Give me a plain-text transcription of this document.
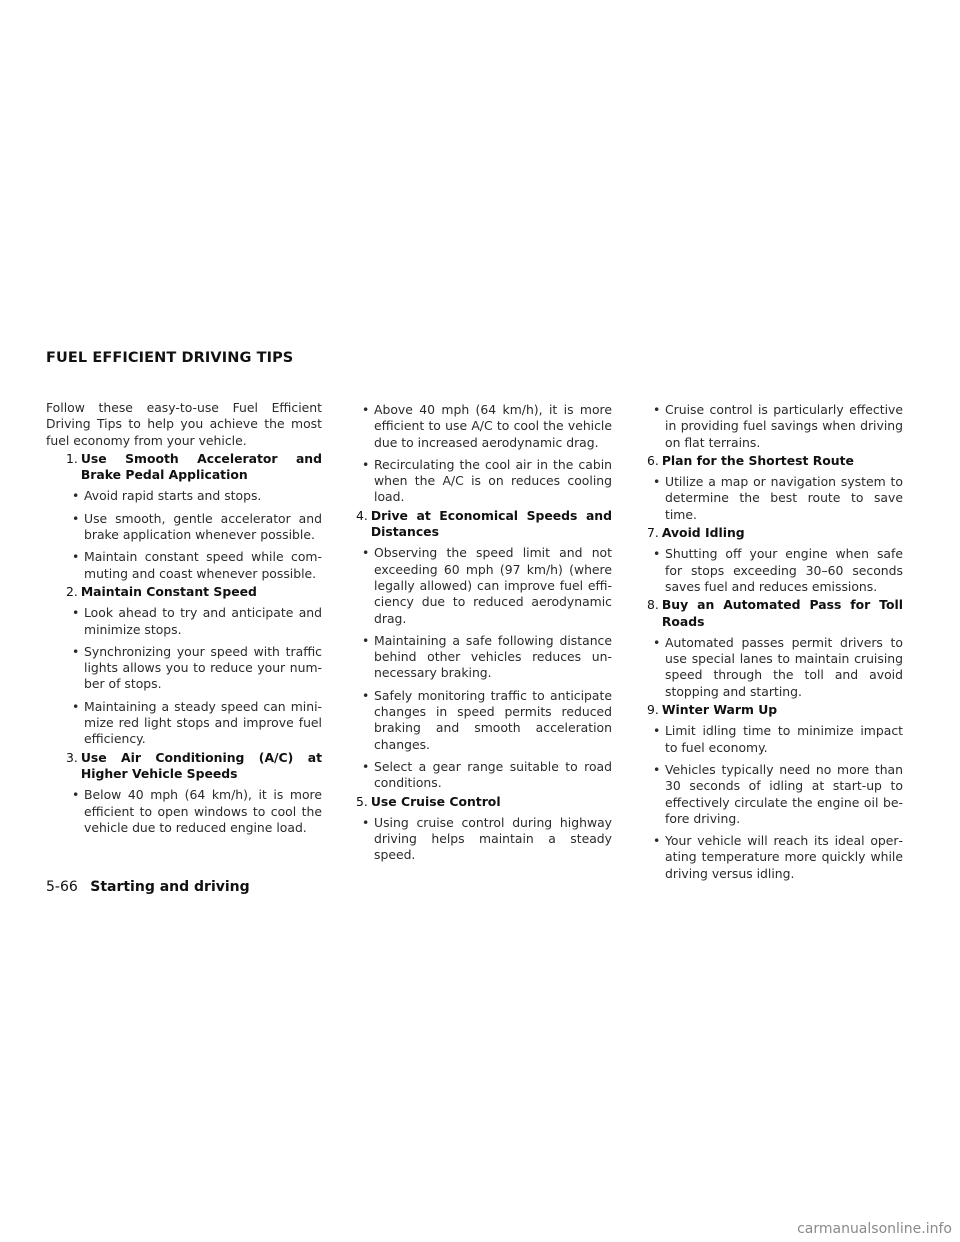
FUEL EFFICIENT DRIVING TIPS

Follow these easy-to-use Fuel Efficient Driving Tips to help you achieve the most fuel economy from your vehicle.

1. Use Smooth Accelerator and Brake Pedal Application
• Avoid rapid starts and stops.
• Use smooth, gentle accelerator and brake application whenever possible.
• Maintain constant speed while commuting and coast whenever possible.
2. Maintain Constant Speed
• Look ahead to try and anticipate and minimize stops.
• Synchronizing your speed with traffic lights allows you to reduce your number of stops.
• Maintaining a steady speed can minimize red light stops and improve fuel efficiency.
3. Use Air Conditioning (A/C) at Higher Vehicle Speeds
• Below 40 mph (64 km/h), it is more efficient to open windows to cool the vehicle due to reduced engine load.
• Above 40 mph (64 km/h), it is more efficient to use A/C to cool the vehicle due to increased aerodynamic drag.
• Recirculating the cool air in the cabin when the A/C is on reduces cooling load.
4. Drive at Economical Speeds and Distances
• Observing the speed limit and not exceeding 60 mph (97 km/h) (where legally allowed) can improve fuel efficiency due to reduced aerodynamic drag.
• Maintaining a safe following distance behind other vehicles reduces unnecessary braking.
• Safely monitoring traffic to anticipate changes in speed permits reduced braking and smooth acceleration changes.
• Select a gear range suitable to road conditions.
5. Use Cruise Control
• Using cruise control during highway driving helps maintain a steady speed.
• Cruise control is particularly effective in providing fuel savings when driving on flat terrains.
6. Plan for the Shortest Route
• Utilize a map or navigation system to determine the best route to save time.
7. Avoid Idling
• Shutting off your engine when safe for stops exceeding 30–60 seconds saves fuel and reduces emissions.
8. Buy an Automated Pass for Toll Roads
• Automated passes permit drivers to use special lanes to maintain cruising speed through the toll and avoid stopping and starting.
9. Winter Warm Up
• Limit idling time to minimize impact to fuel economy.
• Vehicles typically need no more than 30 seconds of idling at start-up to effectively circulate the engine oil before driving.
• Your vehicle will reach its ideal operating temperature more quickly while driving versus idling.
5-66 Starting and driving
carmanualsonline.info
